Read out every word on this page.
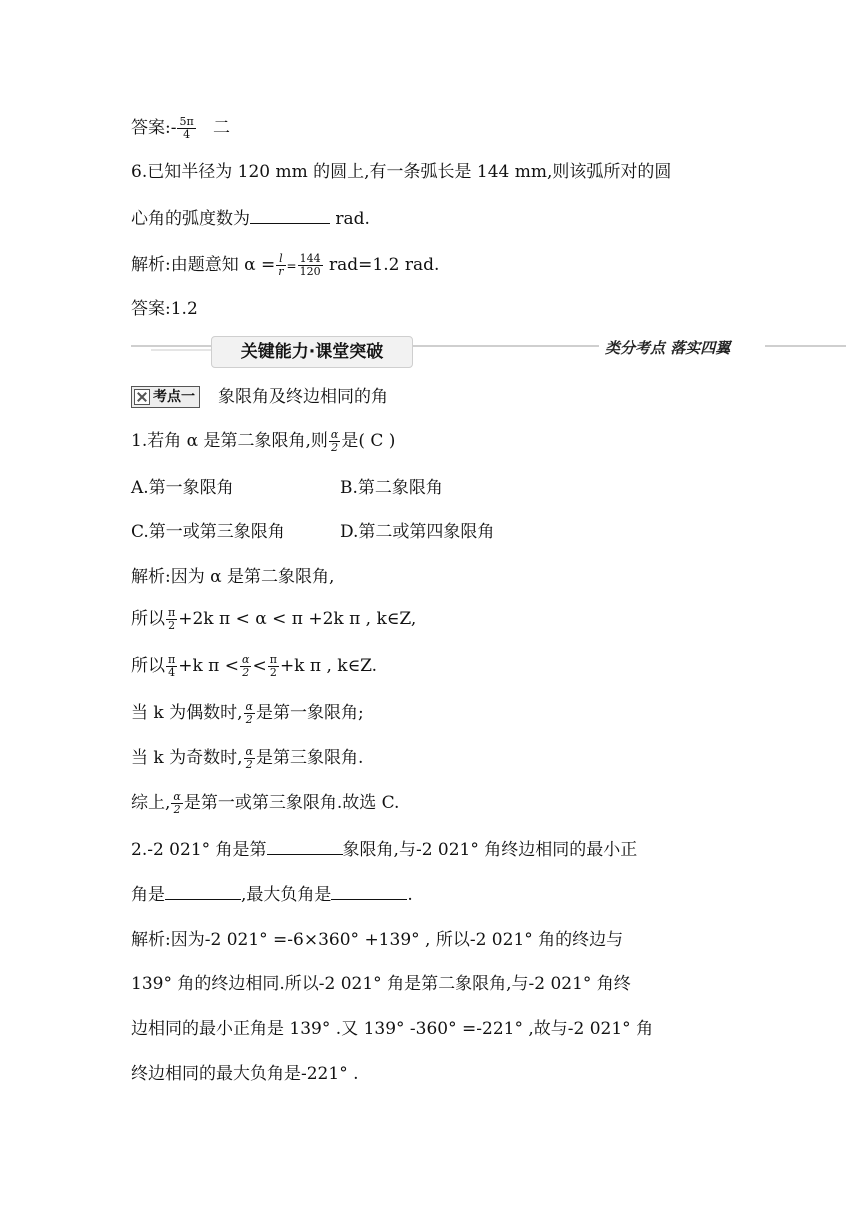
答案:- $\frac{5\pi}{4}$ 二
6.已知半径为 120 mm 的圆上,有一条弧长是 144 mm,则该弧所对的圆
心角的弧度数为	rad.
解析:由题意知 $\alpha = \frac{l}{r} = \frac{144}{120} rad=1.2$ rad.
答案:1.2
关键能力·课堂突破	类分考点 落实四翼
考点一 象限角及终边相同的角
1.若角 α 是第二象限角,则 $\frac{\alpha}{2}$ 是( C )
A.第一象限角	B.第二象限角
C.第一或第三象限角	D.第二或第四象限角
解析:因为 α 是第二象限角,
所以 $\frac{\pi}{2} +2k$ π < α < π +2k π , k∈Z,
所以 $\frac{\pi}{4} +k$ $\pi < \frac{\alpha}{2} < \frac{\pi}{2} +k$ π , k∈Z.
当 k 为偶数时, $\frac{\alpha}{2}$ 是第一象限角;
当 k 为奇数时, $\frac{\alpha}{2}$ 是第三象限角.
综上, $\frac{\alpha}{2}$ 是第一或第三象限角.故选 C.
2.-2 021° 角是第	象限角,与-2 021° 角终边相同的最小正
角是	,最大负角是	.
解析:因为-2 021° =-6×360° +139° , 所以-2 021° 角的终边与
139° 角的终边相同.所以-2 021° 角是第二象限角,与-2 021° 角终
边相同的最小正角是 139° .又 139° -360° =-221° ,故与-2 021° 角
终边相同的最大负角是-221° .
